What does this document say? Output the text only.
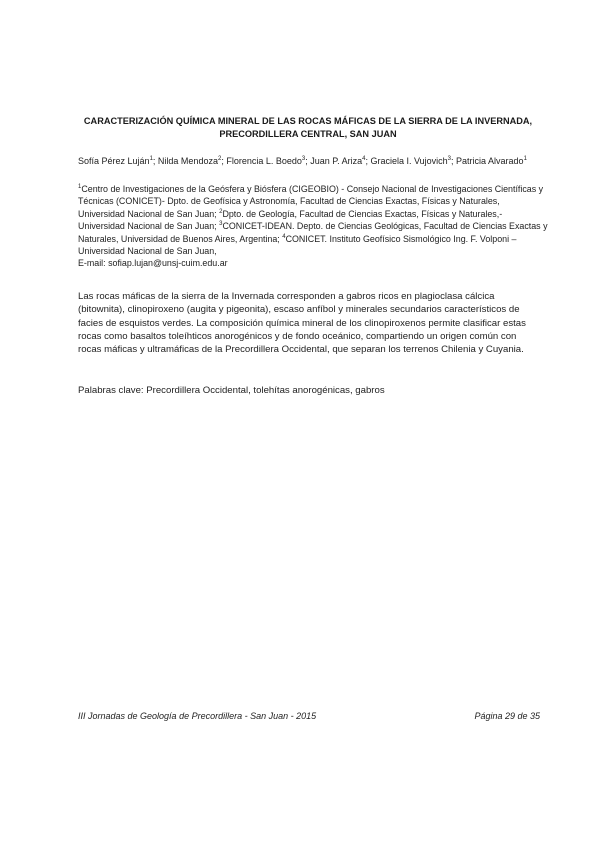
CARACTERIZACIÓN QUÍMICA MINERAL DE LAS ROCAS MÁFICAS DE LA SIERRA DE LA INVERNADA,
PRECORDILLERA CENTRAL, SAN JUAN
Sofía Pérez Luján$^1$; Nilda Mendoza$^2$; Florencia L. Boedo$^3$; Juan P. Ariza$^4$; Graciela I. Vujovich$^3$; Patricia Alvarado$^1$
$^1$Centro de Investigaciones de la Geósfera y Biósfera (CIGEOBIO) - Consejo Nacional de Investigaciones Científicas y Técnicas (CONICET)- Dpto. de Geofísica y Astronomía, Facultad de Ciencias Exactas, Físicas y Naturales, Universidad Nacional de San Juan; $^2$Dpto. de Geología, Facultad de Ciencias Exactas, Físicas y Naturales,-Universidad Nacional de San Juan; $^3$CONICET-IDEAN. Depto. de Ciencias Geológicas, Facultad de Ciencias Exactas y Naturales, Universidad de Buenos Aires, Argentina; $^4$CONICET. Instituto Geofísico Sismológico Ing. F. Volponi – Universidad Nacional de San Juan,
E-mail: sofiap.lujan@unsj-cuim.edu.ar
Las rocas máficas de la sierra de la Invernada corresponden a gabros ricos en plagioclasa cálcica (bitownita), clinopiroxeno (augita y pigeonita), escaso anfíbol y minerales secundarios característicos de facies de esquistos verdes. La composición química mineral de los clinopiroxenos permite clasificar estas rocas como basaltos toleíhticos anorogénicos y de fondo oceánico, compartiendo un origen común con rocas máficas y ultramáficas de la Precordillera Occidental, que separan los terrenos Chilenia y Cuyania.
Palabras clave: Precordillera Occidental, tolehítas anorogénicas, gabros
III Jornadas de Geología de Precordillera - San Juan - 2015	Página 29 de 35
